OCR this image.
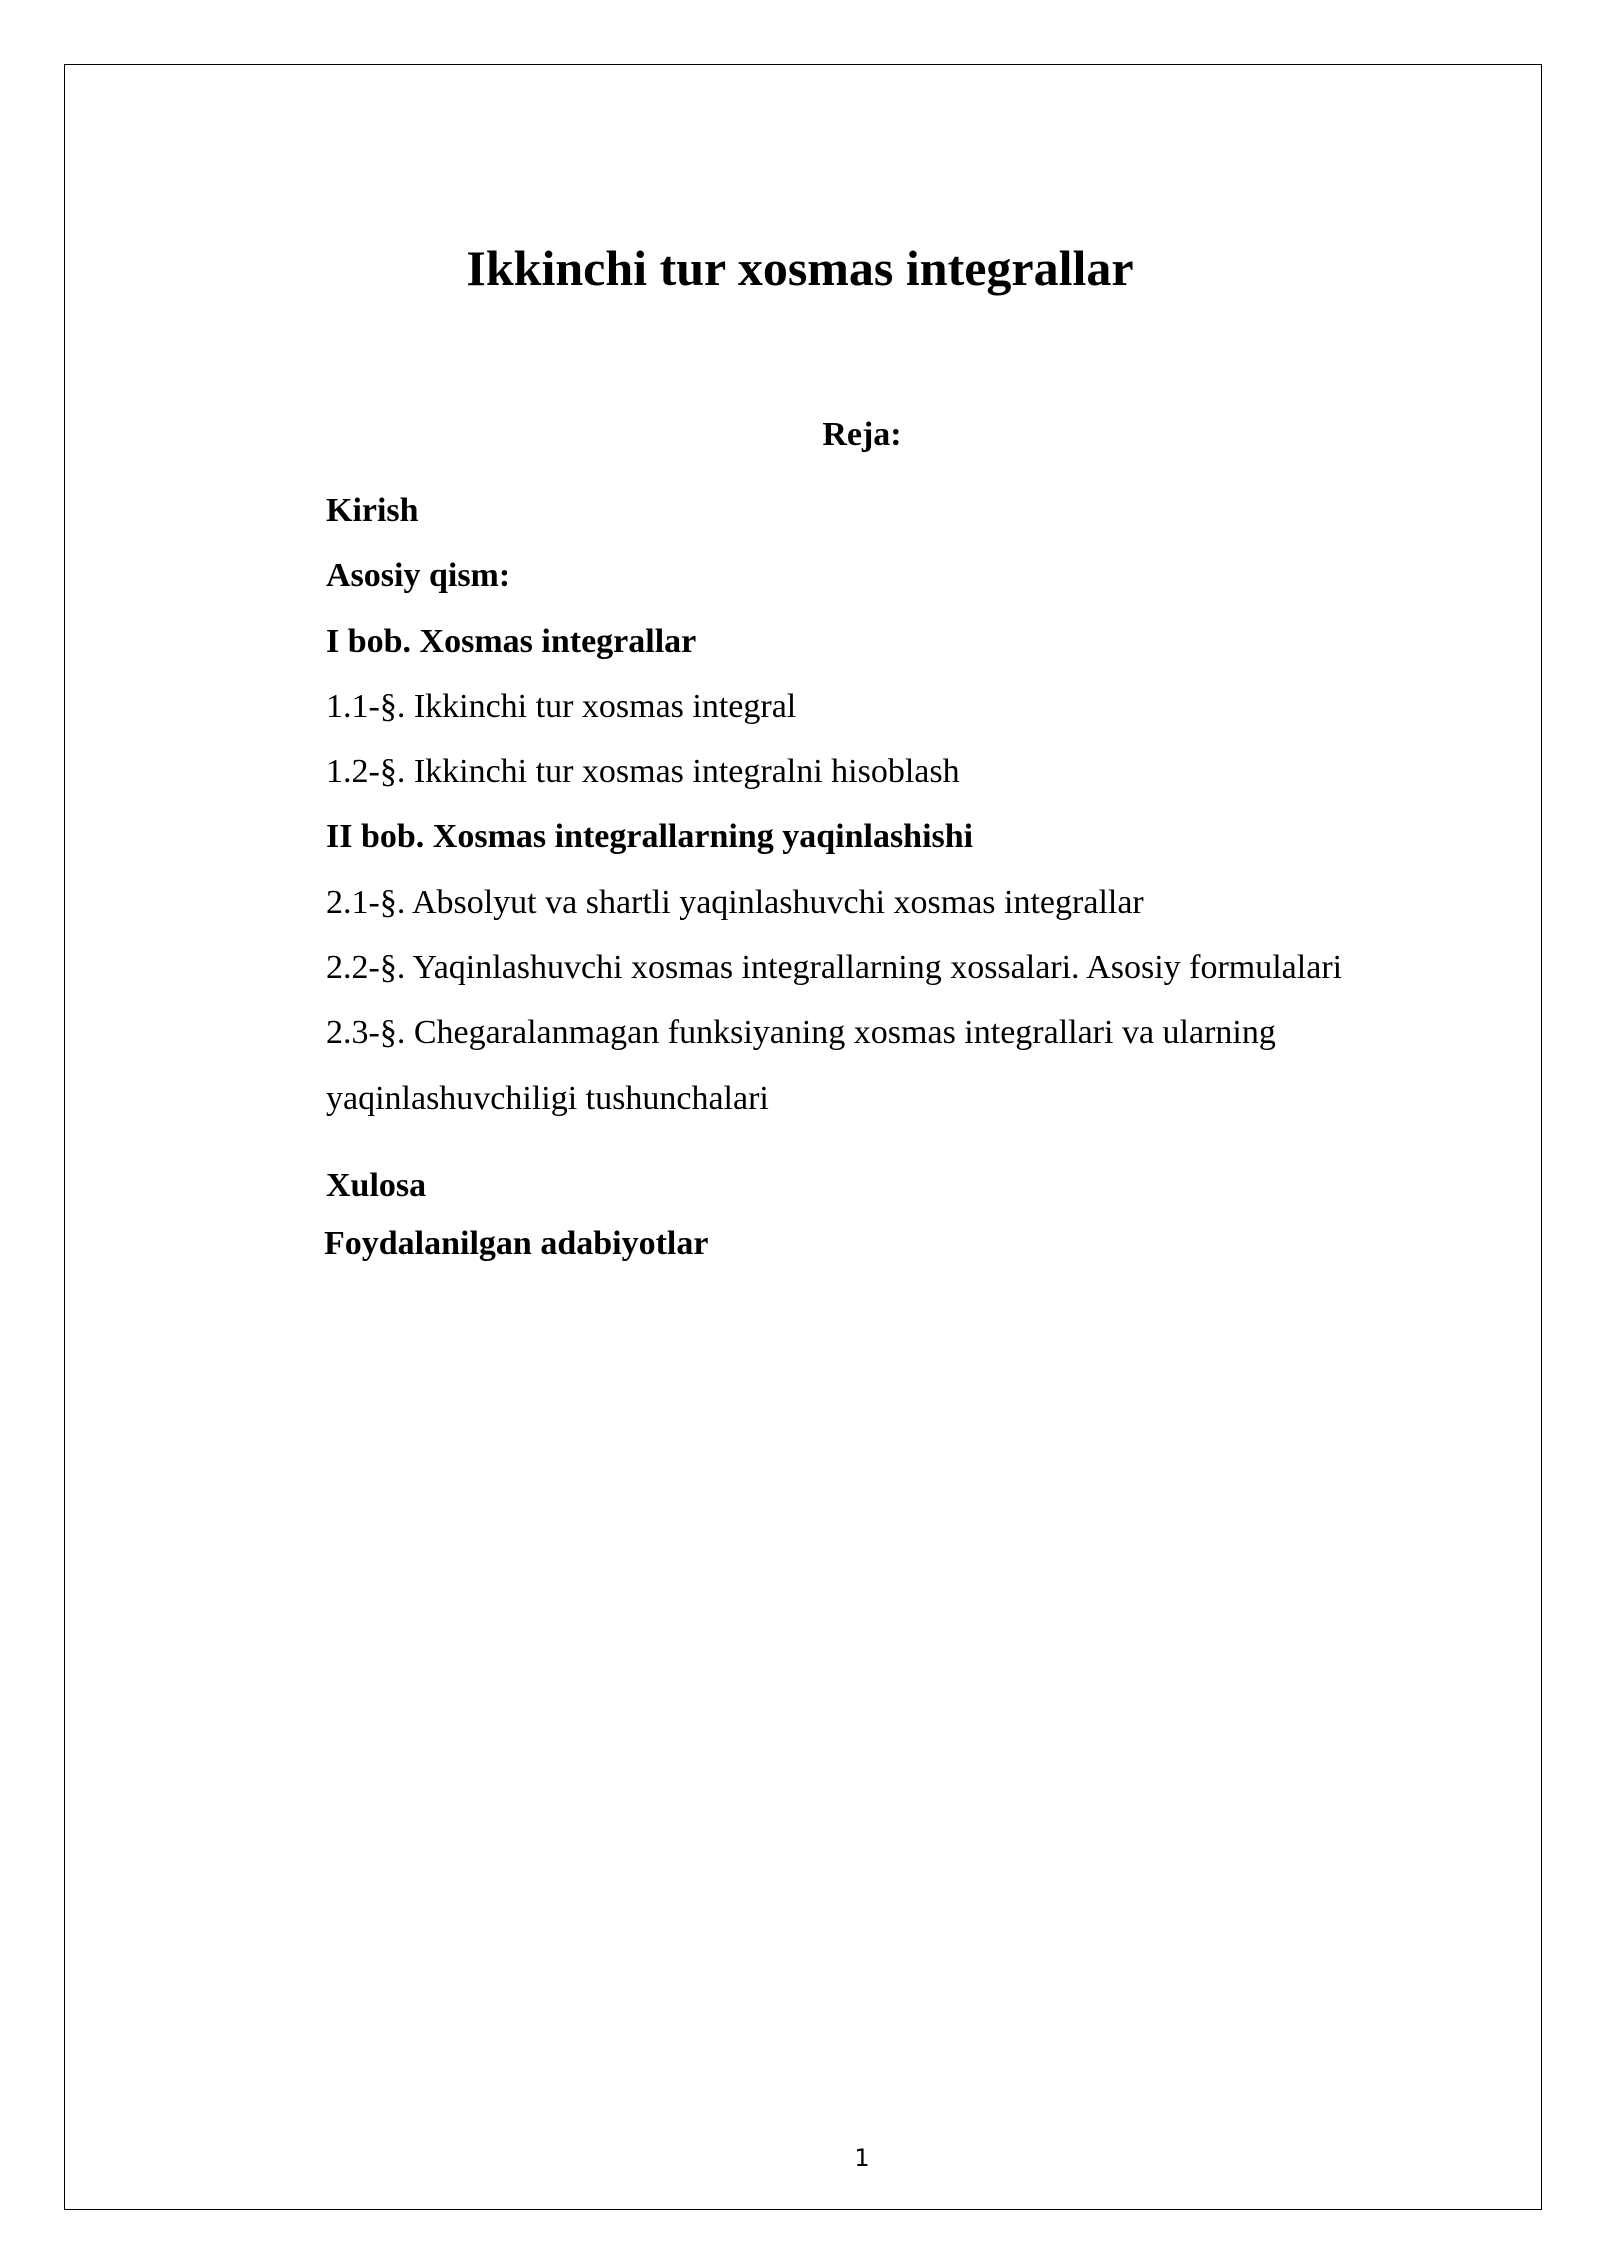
Ikkinchi tur xosmas integrallar
Reja:

Kirish

Asosiy qism:

I bob. Xosmas integrallar

1.1-§. Ikkinchi tur xosmas integral

1.2-§. Ikkinchi tur xosmas integralni hisoblash

II bob. Xosmas integrallarning yaqinlashishi

2.1-§. Absolyut va shartli yaqinlashuvchi xosmas integrallar

2.2-§. Yaqinlashuvchi xosmas integrallarning xossalari. Asosiy formulalari

2.3-§. Chegaralanmagan funksiyaning xosmas integrallari va ularning

yaqinlashuvchiligi tushunchalari

Xulosa

Foydalanilgan adabiyotlar

1
